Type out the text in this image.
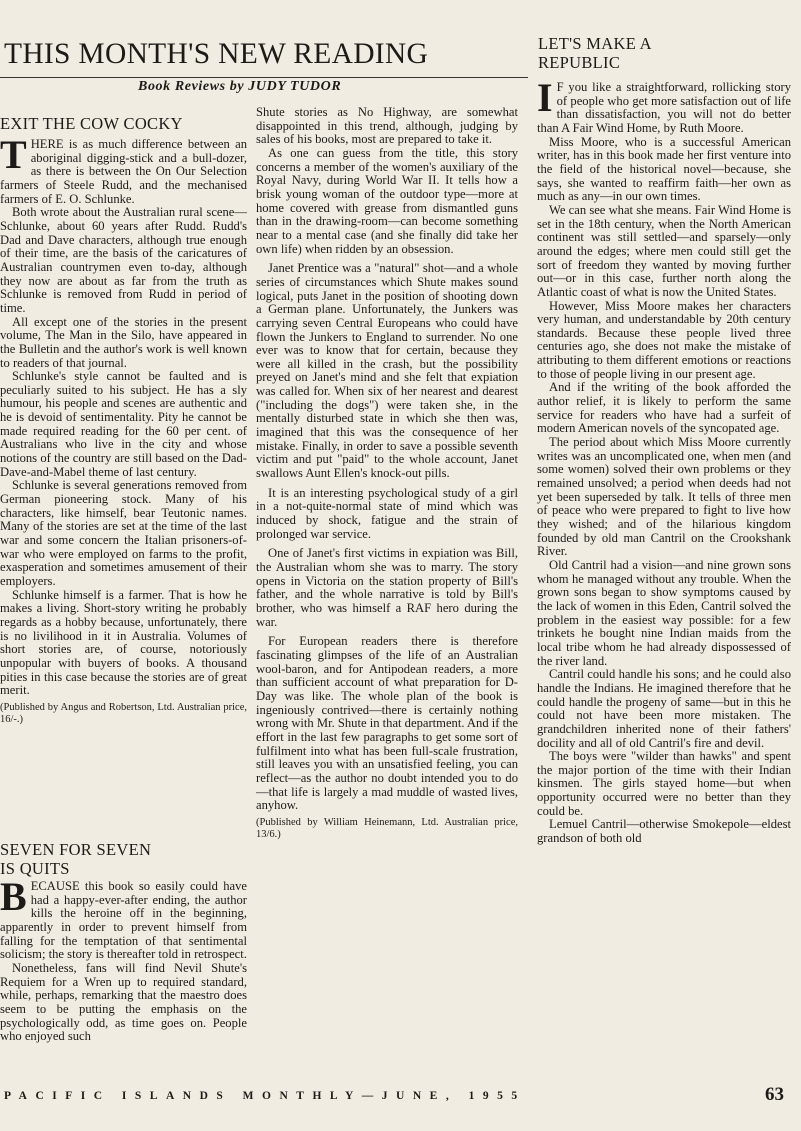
THIS MONTH'S NEW READING
Book Reviews by JUDY TUDOR
EXIT THE COW COCKY

THERE is as much difference between an aboriginal digging-stick and a bull-dozer, as there is between the On Our Selection farmers of Steele Rudd, and the mechanised farmers of E. O. Schlunke.

Both wrote about the Australian rural scene—Schlunke, about 60 years after Rudd. Rudd's Dad and Dave characters, although true enough of their time, are the basis of the caricatures of Australian countrymen even to-day, although they now are about as far from the truth as Schlunke is removed from Rudd in period of time.

All except one of the stories in the present volume, The Man in the Silo, have appeared in the Bulletin and the author's work is well known to readers of that journal.

Schlunke's style cannot be faulted and is peculiarly suited to his subject. He has a sly humour, his people and scenes are authentic and he is devoid of sentimentality. Pity he cannot be made required reading for the 60 per cent. of Australians who live in the city and whose notions of the country are still based on the Dad-Dave-and-Mabel theme of last century.

Schlunke is several generations removed from German pioneering stock. Many of his characters, like himself, bear Teutonic names. Many of the stories are set at the time of the last war and some concern the Italian prisoners-of-war who were employed on farms to the profit, exasperation and sometimes amusement of their employers.

Schlunke himself is a farmer. That is how he makes a living. Short-story writing he probably regards as a hobby because, unfortunately, there is no livilihood in it in Australia. Volumes of short stories are, of course, notoriously unpopular with buyers of books. A thousand pities in this case because the stories are of great merit.

(Published by Angus and Robertson, Ltd. Australian price, 16/-.)

SEVEN FOR SEVEN
IS QUITS

BECAUSE this book so easily could have had a happy-ever-after ending, the author kills the heroine off in the beginning, apparently in order to prevent himself from falling for the temptation of that sentimental solicism; the story is thereafter told in retrospect.

Nonetheless, fans will find Nevil Shute's Requiem for a Wren up to required standard, while, perhaps, remarking that the maestro does seem to be putting the emphasis on the psychologically odd, as time goes on. People who enjoyed such

Shute stories as No Highway, are somewhat disappointed in this trend, although, judging by sales of his books, most are prepared to take it.

As one can guess from the title, this story concerns a member of the women's auxiliary of the Royal Navy, during World War II. It tells how a brisk young woman of the outdoor type—more at home covered with grease from dismantled guns than in the drawing-room—can become something near to a mental case (and she finally did take her own life) when ridden by an obsession.

Janet Prentice was a "natural" shot—and a whole series of circumstances which Shute makes sound logical, puts Janet in the position of shooting down a German plane. Unfortunately, the Junkers was carrying seven Central Europeans who could have flown the Junkers to England to surrender. No one ever was to know that for certain, because they were all killed in the crash, but the possibility preyed on Janet's mind and she felt that expiation was called for. When six of her nearest and dearest ("including the dogs") were taken she, in the mentally disturbed state in which she then was, imagined that this was the consequence of her mistake. Finally, in order to save a possible seventh victim and put "paid" to the whole account, Janet swallows Aunt Ellen's knock-out pills.

It is an interesting psychological study of a girl in a not-quite-normal state of mind which was induced by shock, fatigue and the strain of prolonged war service.

One of Janet's first victims in expiation was Bill, the Australian whom she was to marry. The story opens in Victoria on the station property of Bill's father, and the whole narrative is told by Bill's brother, who was himself a RAF hero during the war.

For European readers there is therefore fascinating glimpses of the life of an Australian wool-baron, and for Antipodean readers, a more than sufficient account of what preparation for D-Day was like. The whole plan of the book is ingeniously contrived—there is certainly nothing wrong with Mr. Shute in that department. And if the effort in the last few paragraphs to get some sort of fulfilment into what has been full-scale frustration, still leaves you with an unsatisfied feeling, you can reflect—as the author no doubt intended you to do—that life is largely a mad muddle of wasted lives, anyhow.

(Published by William Heinemann, Ltd. Australian price, 13/6.)

LET'S MAKE A
REPUBLIC

I F you like a straightforward, rollicking story of people who get more satisfaction out of life than dissatisfaction, you will not do better than A Fair Wind Home, by Ruth Moore.

Miss Moore, who is a successful American writer, has in this book made her first venture into the field of the historical novel—because, she says, she wanted to reaffirm faith—her own as much as any—in our own times.

We can see what she means. Fair Wind Home is set in the 18th century, when the North American continent was still settled—and sparsely—only around the edges; where men could still get the sort of freedom they wanted by moving further out—or in this case, further north along the Atlantic coast of what is now the United States.

However, Miss Moore makes her characters very human, and understandable by 20th century standards. Because these people lived three centuries ago, she does not make the mistake of attributing to them different emotions or reactions to those of people living in our present age.

And if the writing of the book afforded the author relief, it is likely to perform the same service for readers who have had a surfeit of modern American novels of the syncopated age.

The period about which Miss Moore currently writes was an uncomplicated one, when men (and some women) solved their own problems or they remained unsolved; a period when deeds had not yet been superseded by talk. It tells of three men of peace who were prepared to fight to live how they wished; and of the hilarious kingdom founded by old man Cantril on the Crookshank River.

Old Cantril had a vision—and nine grown sons whom he managed without any trouble. When the grown sons began to show symptoms caused by the lack of women in this Eden, Cantril solved the problem in the easiest way possible: for a few trinkets he bought nine Indian maids from the local tribe whom he had already dispossessed of the river land.

Cantril could handle his sons; and he could also handle the Indians. He imagined therefore that he could handle the progeny of same—but in this he could not have been more mistaken. The grandchildren inherited none of their fathers' docility and all of old Cantril's fire and devil.

The boys were "wilder than hawks" and spent the major portion of the time with their Indian kinsmen. The girls stayed home—but when opportunity occurred were no better than they could be.

Lemuel Cantril—otherwise Smokepole—eldest grandson of both old

PACIFIC ISLANDS MONTHLY—JUNE, 1955	63
